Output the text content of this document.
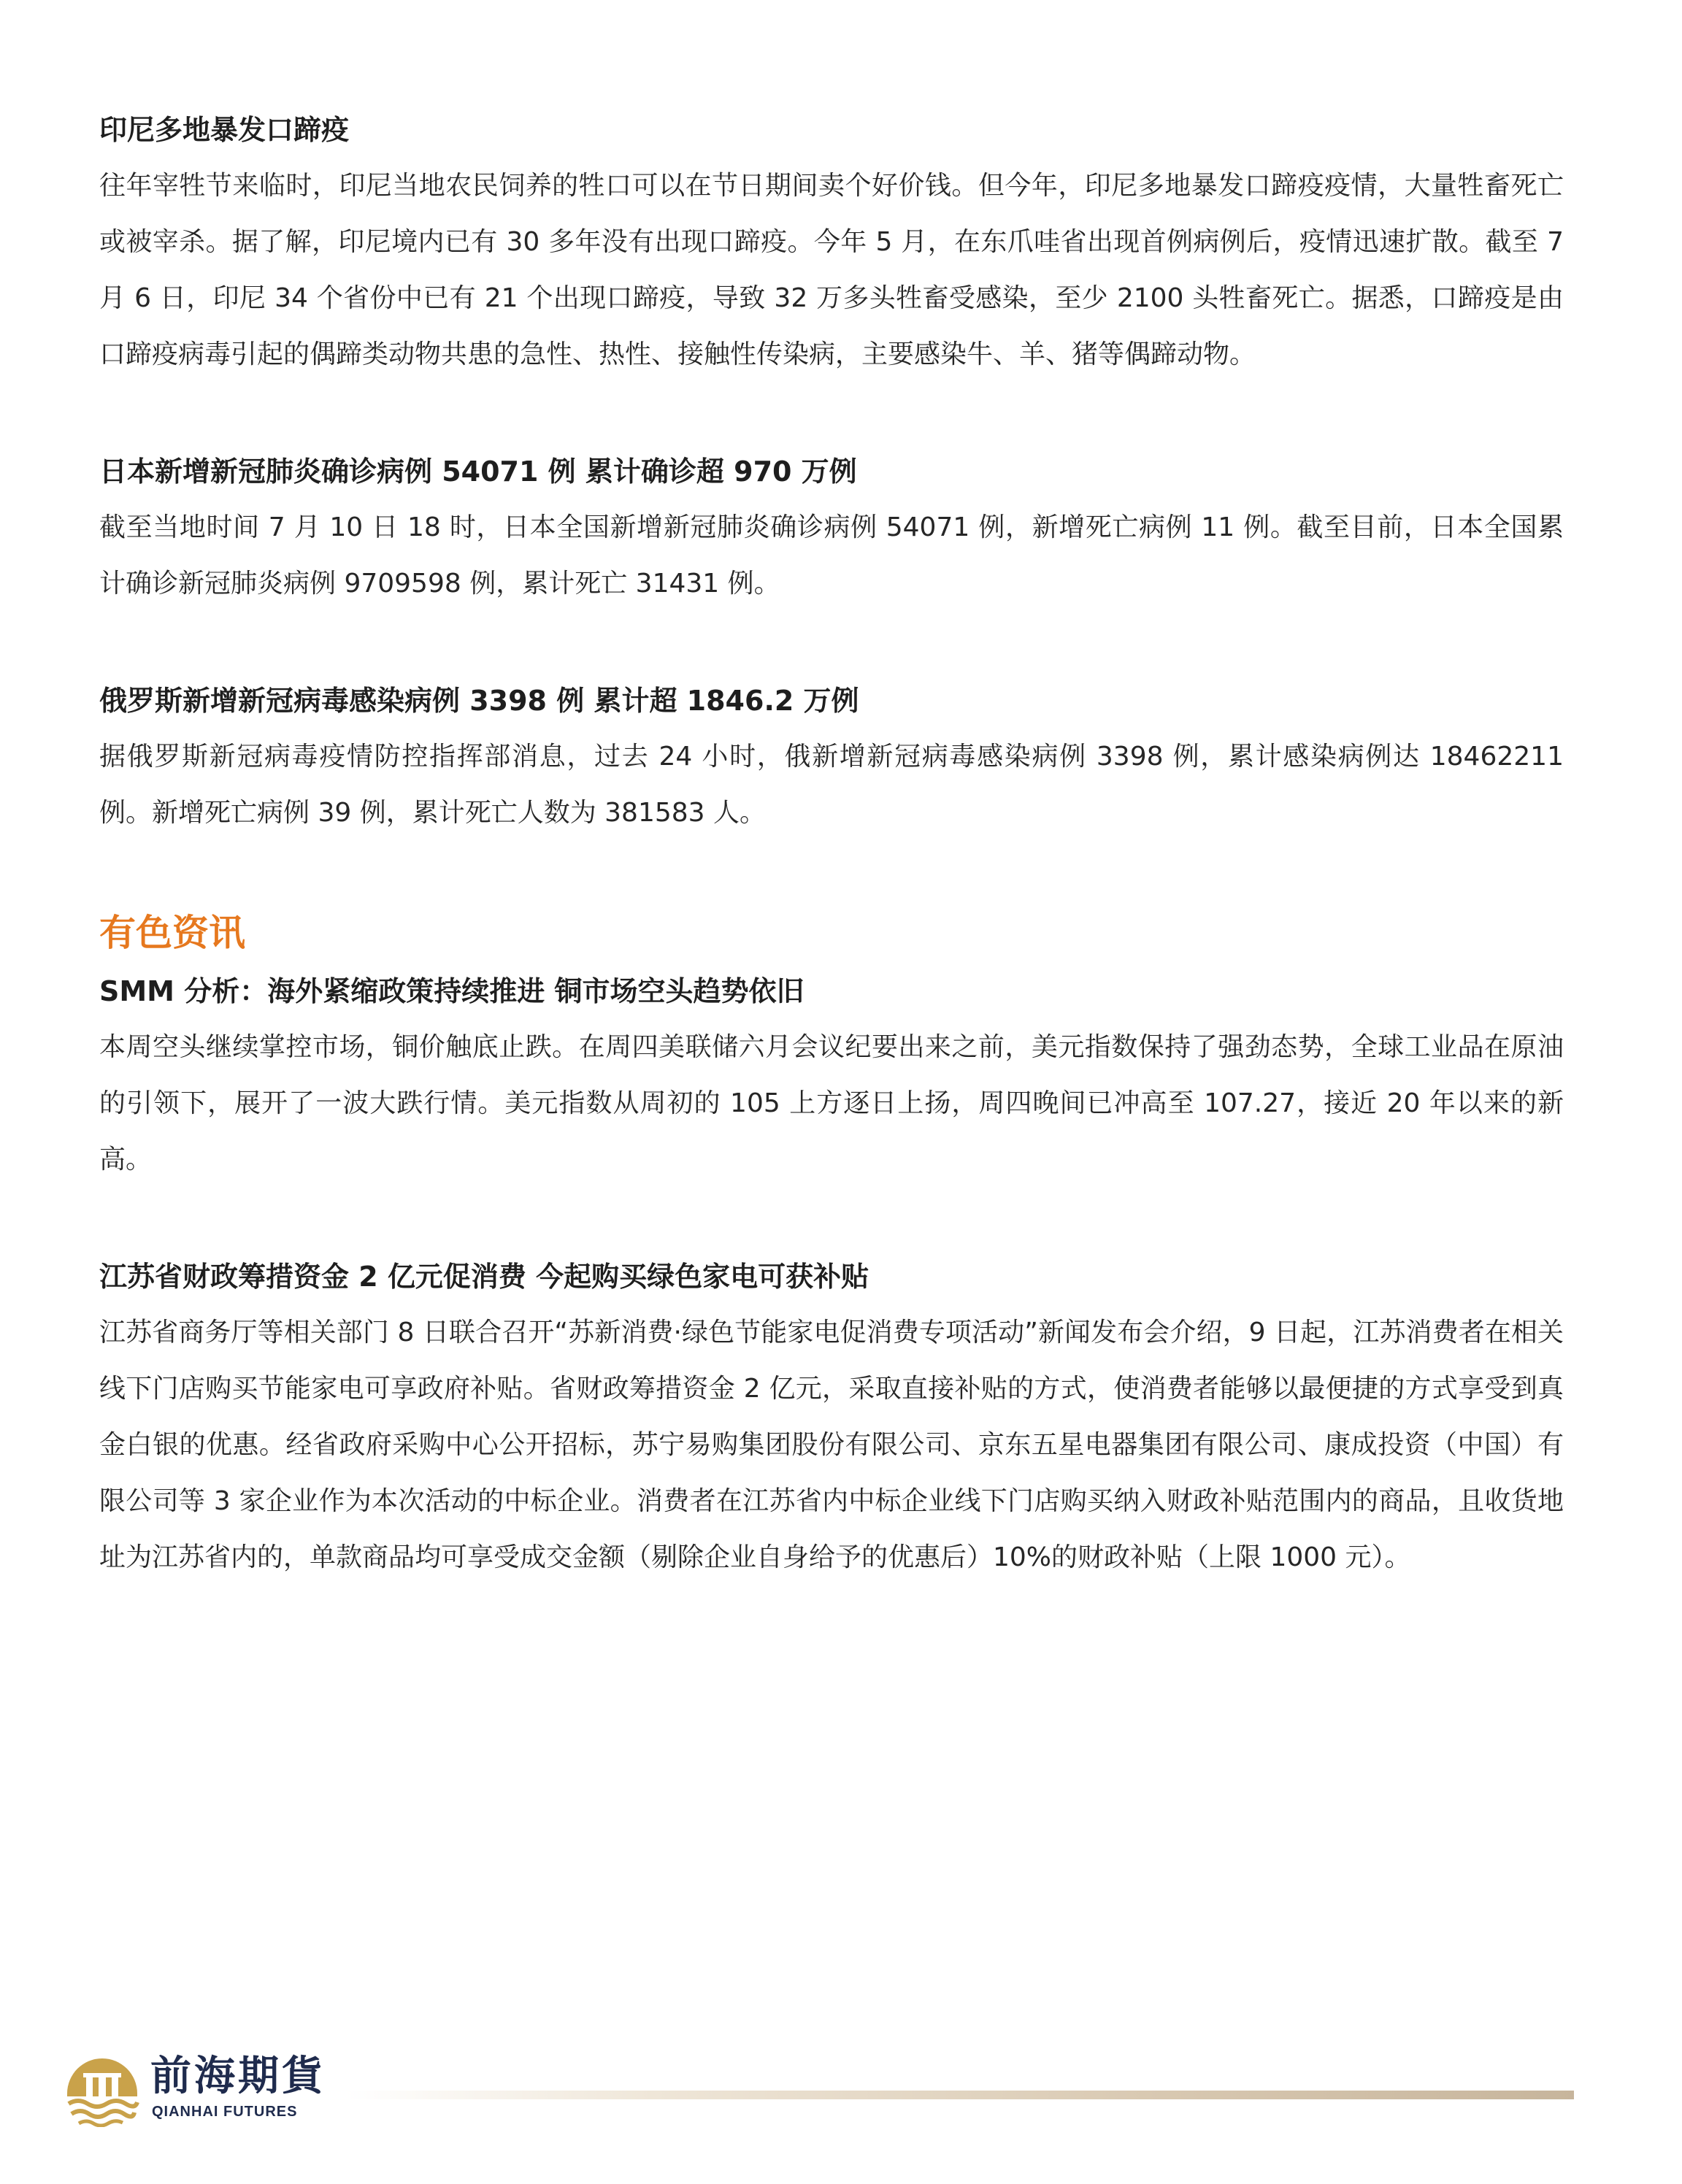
印尼多地暴发口蹄疫

往年宰牲节来临时，印尼当地农民饲养的牲口可以在节日期间卖个好价钱。但今年，印尼多地暴发口蹄疫疫情，大量牲畜死亡或被宰杀。据了解，印尼境内已有 30 多年没有出现口蹄疫。今年 5 月，在东爪哇省出现首例病例后，疫情迅速扩散。截至 7 月 6 日，印尼 34 个省份中已有 21 个出现口蹄疫，导致 32 万多头牲畜受感染，至少 2100 头牲畜死亡。据悉，口蹄疫是由口蹄疫病毒引起的偶蹄类动物共患的急性、热性、接触性传染病，主要感染牛、羊、猪等偶蹄动物。

日本新增新冠肺炎确诊病例 54071 例 累计确诊超 970 万例

截至当地时间 7 月 10 日 18 时，日本全国新增新冠肺炎确诊病例 54071 例，新增死亡病例 11 例。截至目前，日本全国累计确诊新冠肺炎病例 9709598 例，累计死亡 31431 例。

俄罗斯新增新冠病毒感染病例 3398 例 累计超 1846.2 万例

据俄罗斯新冠病毒疫情防控指挥部消息，过去 24 小时，俄新增新冠病毒感染病例 3398 例，累计感染病例达 18462211 例。新增死亡病例 39 例，累计死亡人数为 381583 人。

有色资讯

SMM 分析：海外紧缩政策持续推进 铜市场空头趋势依旧

本周空头继续掌控市场，铜价触底止跌。在周四美联储六月会议纪要出来之前，美元指数保持了强劲态势，全球工业品在原油的引领下，展开了一波大跌行情。美元指数从周初的 105 上方逐日上扬，周四晚间已冲高至 107.27，接近 20 年以来的新高。

江苏省财政筹措资金 2 亿元促消费 今起购买绿色家电可获补贴

江苏省商务厅等相关部门 8 日联合召开“苏新消费·绿色节能家电促消费专项活动”新闻发布会介绍，9 日起，江苏消费者在相关线下门店购买节能家电可享政府补贴。省财政筹措资金 2 亿元，采取直接补贴的方式，使消费者能够以最便捷的方式享受到真金白银的优惠。经省政府采购中心公开招标，苏宁易购集团股份有限公司、京东五星电器集团有限公司、康成投资（中国）有限公司等 3 家企业作为本次活动的中标企业。消费者在江苏省内中标企业线下门店购买纳入财政补贴范围内的商品，且收货地址为江苏省内的，单款商品均可享受成交金额（剔除企业自身给予的优惠后）10%的财政补贴（上限 1000 元）。

前海期貨
QIANHAI FUTURES
